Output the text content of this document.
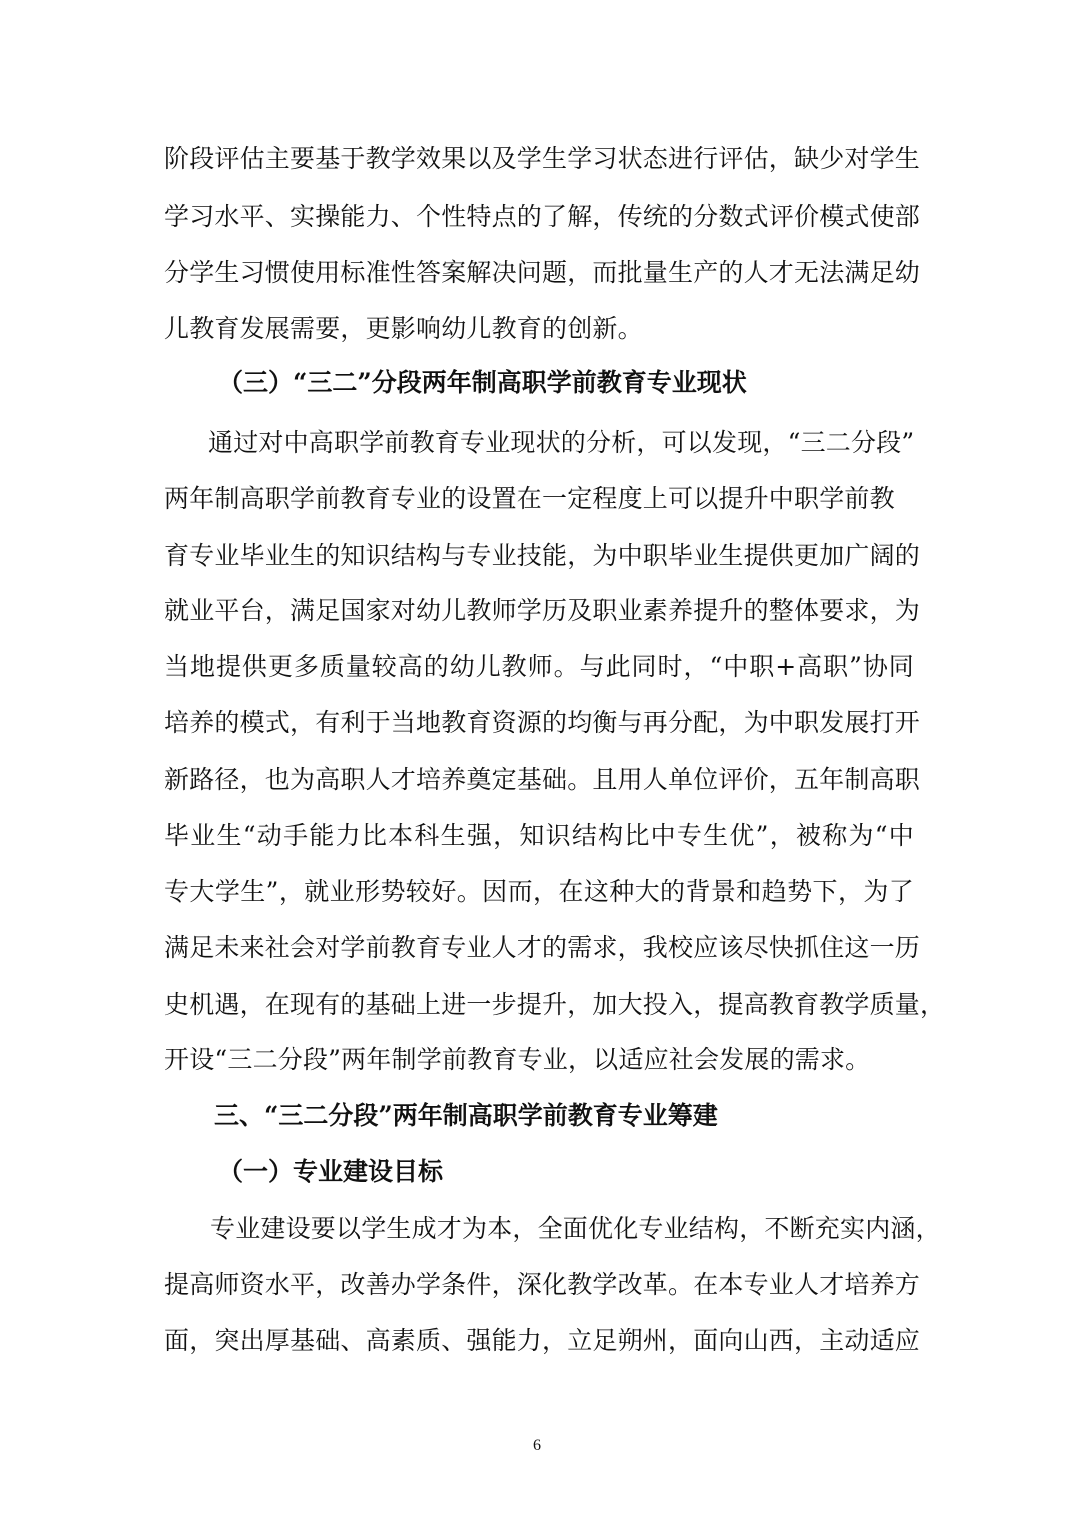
阶段评估主要基于教学效果以及学生学习状态进行评估，缺少对学生
学习水平、实操能力、个性特点的了解，传统的分数式评价模式使部
分学生习惯使用标准性答案解决问题，而批量生产的人才无法满足幼
儿教育发展需要，更影响幼儿教育的创新。
（三）“三二”分段两年制高职学前教育专业现状
通过对中高职学前教育专业现状的分析，可以发现，“三二分段”
两年制高职学前教育专业的设置在一定程度上可以提升中职学前教
育专业毕业生的知识结构与专业技能，为中职毕业生提供更加广阔的
就业平台，满足国家对幼儿教师学历及职业素养提升的整体要求，为
当地提供更多质量较高的幼儿教师。与此同时，“中职+高职”协同
培养的模式，有利于当地教育资源的均衡与再分配，为中职发展打开
新路径，也为高职人才培养奠定基础。且用人单位评价，五年制高职
毕业生“动手能力比本科生强，知识结构比中专生优”，被称为“中
专大学生”，就业形势较好。因而，在这种大的背景和趋势下，为了
满足未来社会对学前教育专业人才的需求，我校应该尽快抓住这一历
史机遇，在现有的基础上进一步提升，加大投入，提高教育教学质量，
开设“三二分段”两年制学前教育专业，以适应社会发展的需求。
三、“三二分段”两年制高职学前教育专业筹建
（一）专业建设目标
专业建设要以学生成才为本，全面优化专业结构，不断充实内涵，
提高师资水平，改善办学条件，深化教学改革。在本专业人才培养方
面，突出厚基础、高素质、强能力，立足朔州，面向山西，主动适应
6
